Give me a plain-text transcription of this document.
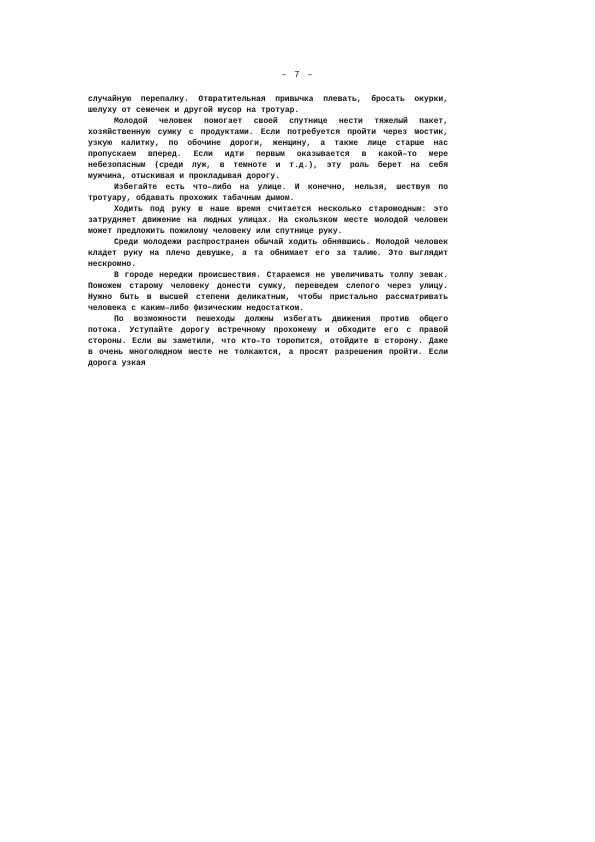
– 7 –

случайную перепалку. Отвратительная привычка плевать, бросать окурки, шелуху от семечек и другой мусор на тротуар.

Молодой человек помогает своей спутнице нести тяжелый пакет, хозяйственную сумку с продуктами. Если потребуется пройти через мостик, узкую калитку, по обочине дороги, женщину, а также лице старше нас пропускаем вперед. Если идти первым оказывается в какой–то мере небезопасным (среди луж, в темноте и т.д.), эту роль берет на себя мужчина, отыскивая и прокладывая дорогу.

Избегайте есть что–либо на улице. И конечно, нельзя, шествуя по тротуару, обдавать прохожих табачным дымом.

Ходить под руку в наше время считается несколько старомодным: это затрудняет движение на людных улицах. На скользком месте молодой человек может предложить пожилому человеку или спутнице руку.

Среди молодежи распространен обычай ходить обнявшись. Молодой человек кладет руку на плечо девушке, а та обнимает его за талию. Это выглядит нескромно.

В городе нередки происшествия. Стараемся не увеличивать толпу зевак. Поможем старому человеку донести сумку, переведем слепого через улицу. Нужно быть в высшей степени деликатным, чтобы пристально рассматривать человека с каким–либо физическим недостатком.

По возможности пешеходы должны избегать движения против общего потока. Уступайте дорогу встречному прохожему и обходите его с правой стороны. Если вы заметили, что кто–то торопится, отойдите в сторону. Даже в очень многолюдном месте не толкаются, а просят разрешения пройти. Если дорога узкая
